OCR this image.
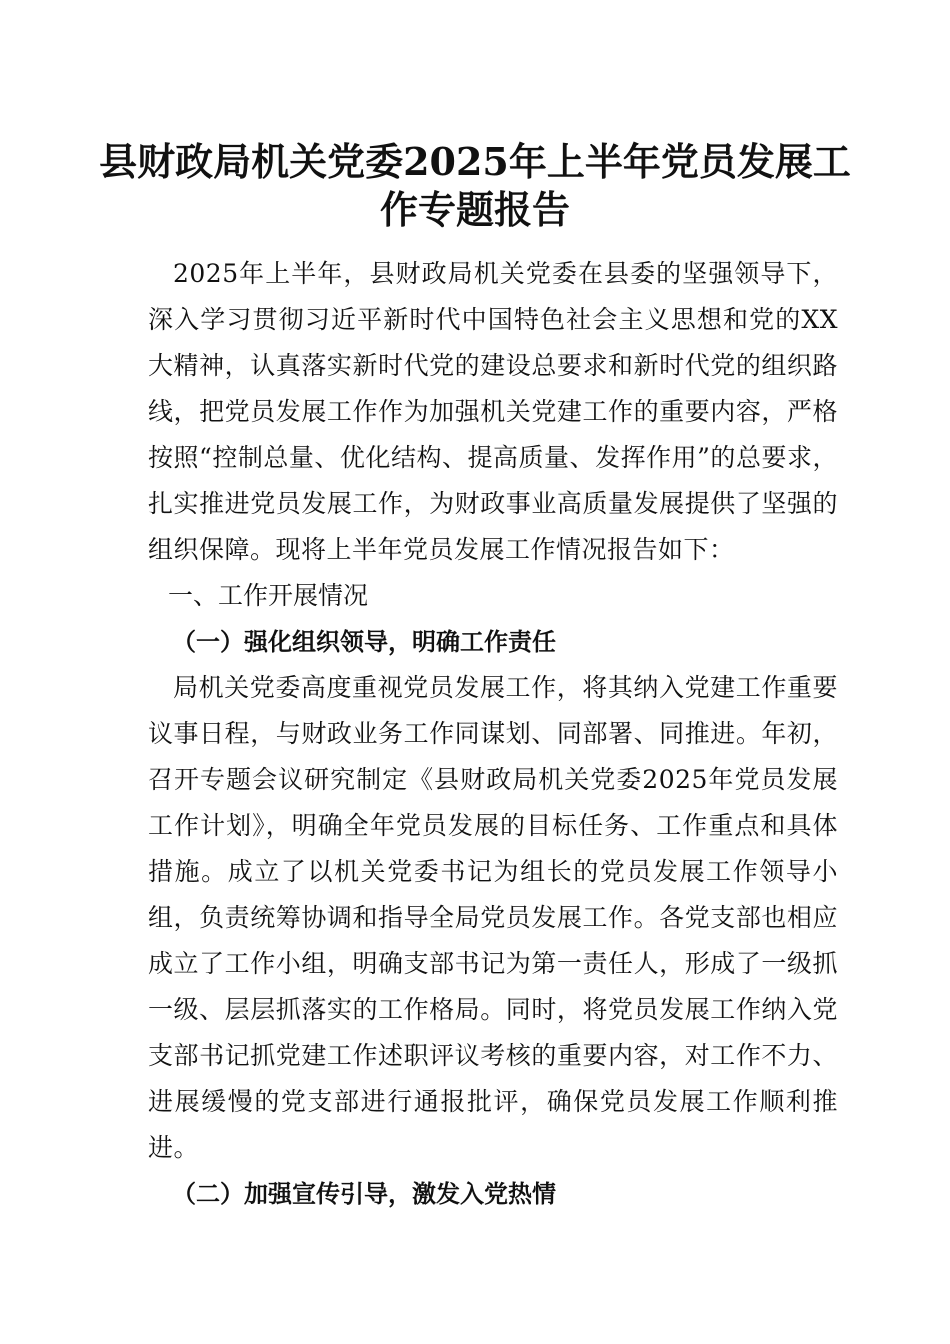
县财政局机关党委2025年上半年党员发展工
作专题报告

2025年上半年，县财政局机关党委在县委的坚强领导下，深入学习贯彻习近平新时代中国特色社会主义思想和党的XX大精神，认真落实新时代党的建设总要求和新时代党的组织路线，把党员发展工作作为加强机关党建工作的重要内容，严格按照“控制总量、优化结构、提高质量、发挥作用”的总要求，扎实推进党员发展工作，为财政事业高质量发展提供了坚强的组织保障。现将上半年党员发展工作情况报告如下：

一、工作开展情况

（一）强化组织领导，明确工作责任

局机关党委高度重视党员发展工作，将其纳入党建工作重要议事日程，与财政业务工作同谋划、同部署、同推进。年初，召开专题会议研究制定《县财政局机关党委2025年党员发展工作计划》，明确全年党员发展的目标任务、工作重点和具体措施。成立了以机关党委书记为组长的党员发展工作领导小组，负责统筹协调和指导全局党员发展工作。各党支部也相应成立了工作小组，明确支部书记为第一责任人，形成了一级抓一级、层层抓落实的工作格局。同时，将党员发展工作纳入党支部书记抓党建工作述职评议考核的重要内容，对工作不力、进展缓慢的党支部进行通报批评，确保党员发展工作顺利推进。

（二）加强宣传引导，激发入党热情
